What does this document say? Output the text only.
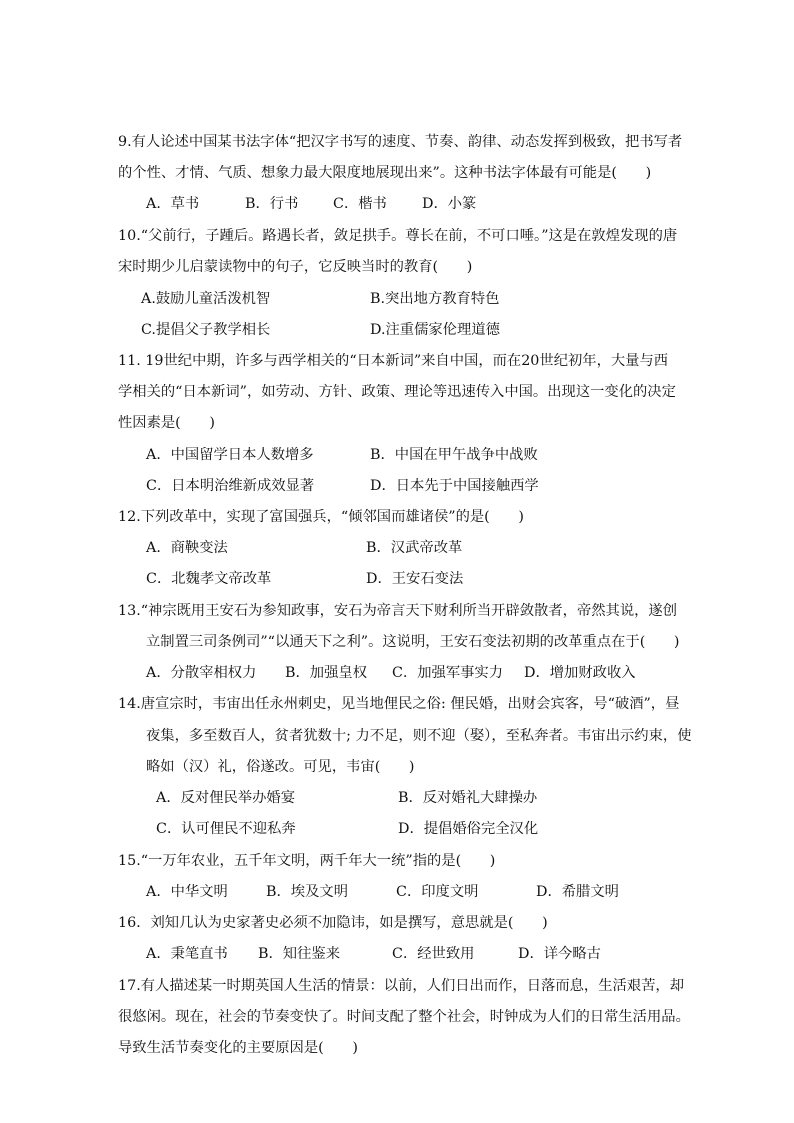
9.有人论述中国某书法字体“把汉字书写的速度、节奏、韵律、动态发挥到极致，把书写者
的个性、才情、气质、想象力最大限度地展现出来”。这种书法字体最有可能是(　　)
A．草书	B．行书 C．楷书 D．小篆
10.“父前行，子踵后。路遇长者，敛足拱手。尊长在前，不可口唾。”这是在敦煌发现的唐
宋时期少儿启蒙读物中的句子，它反映当时的教育(　　)
A.鼓励儿童活泼机智	B.突出地方教育特色
C.提倡父子教学相长	D.注重儒家伦理道德
11. 19世纪中期，许多与西学相关的“日本新词”来自中国，而在20世纪初年，大量与西
学相关的“日本新词”，如劳动、方针、政策、理论等迅速传入中国。出现这一变化的决定
性因素是(　　)
A．中国留学日本人数增多	B．中国在甲午战争中战败
C．日本明治维新成效显著	D．日本先于中国接触西学
12.下列改革中，实现了富国强兵，“倾邻国而雄诸侯”的是(　　)
A．商鞅变法	B．汉武帝改革
C．北魏孝文帝改革	D．王安石变法
13.“神宗既用王安石为参知政事，安石为帝言天下财利所当开辟敛散者，帝然其说，遂创
立制置三司条例司”“以通天下之利”。这说明，王安石变法初期的改革重点在于(　　)
A．分散宰相权力 B．加强皇权 C．加强军事实力 D．增加财政收入
14.唐宣宗时，韦宙出任永州刺史，见当地俚民之俗: 俚民婚，出财会宾客，号“破酒”，昼
夜集，多至数百人，贫者犹数十; 力不足，则不迎（娶），至私奔者。韦宙出示约束，使
略如（汉）礼，俗遂改。可见，韦宙(　　)
A．反对俚民举办婚宴	B．反对婚礼大肆操办
C．认可俚民不迎私奔	D．提倡婚俗完全汉化
15.“一万年农业，五千年文明，两千年大一统”指的是(　　)
A．中华文明	B．埃及文明	C．印度文明	D．希腊文明
16．刘知几认为史家著史必须不加隐讳，如是撰写，意思就是(　　)
A．秉笔直书 B．知往鉴来	C．经世致用	D．详今略古
17.有人描述某一时期英国人生活的情景：以前，人们日出而作，日落而息，生活艰苦，却
很悠闲。现在，社会的节奏变快了。时间支配了整个社会，时钟成为人们的日常生活用品。
导致生活节奏变化的主要原因是(　　)
